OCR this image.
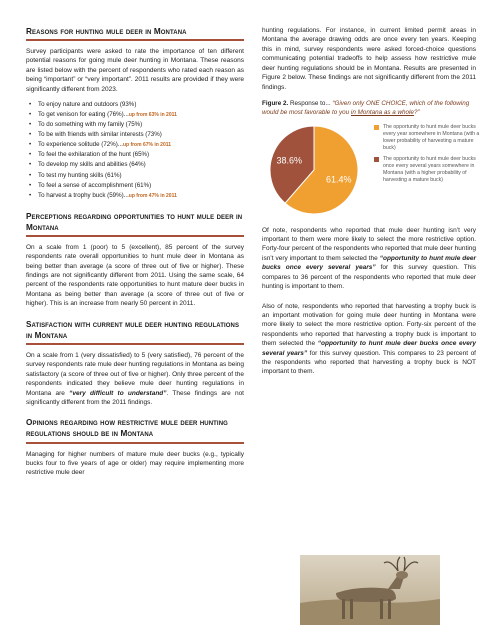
Reasons for hunting mule deer in Montana

Survey participants were asked to rate the importance of ten different potential reasons for going mule deer hunting in Montana. These reasons are listed below with the percent of respondents who rated each reason as being “important” or “very important”. 2011 results are provided if they were significantly different from 2023.

• To enjoy nature and outdoors (93%)
• To get venison for eating (76%)...up from 63% in 2011
• To do something with my family (75%)
• To be with friends with similar interests (73%)
• To experience solitude (72%)...up from 67% in 2011
• To feel the exhilaration of the hunt (65%)
• To develop my skills and abilities (64%)
• To test my hunting skills (61%)
• To feel a sense of accomplishment (61%)
• To harvest a trophy buck (59%)...up from 47% in 2011
Perceptions regarding opportunities to hunt mule deer in Montana

On a scale from 1 (poor) to 5 (excellent), 85 percent of the survey respondents rate overall opportunities to hunt mule deer in Montana as being better than average (a score of three out of five or higher). These findings are not significantly different from 2011. Using the same scale, 64 percent of the respondents rate opportunities to hunt mature deer bucks in Montana as being better than average (a score of three out of five or higher). This is an increase from nearly 50 percent in 2011.

Satisfaction with current mule deer hunting regulations in Montana

On a scale from 1 (very dissatisfied) to 5 (very satisfied), 76 percent of the survey respondents rate mule deer hunting regulations in Montana as being satisfactory (a score of three out of five or higher). Only three percent of the respondents indicated they believe mule deer hunting regulations in Montana are “very difficult to understand”. These findings are not significantly different from the 2011 findings.

Opinions regarding how restrictive mule deer hunting regulations should be in Montana

Managing for higher numbers of mature mule deer bucks (e.g., typically bucks four to five years of age or older) may require implementing more restrictive mule deer

hunting regulations. For instance, in current limited permit areas in Montana the average drawing odds are once every ten years. Keeping this in mind, survey respondents were asked forced-choice questions communicating potential tradeoffs to help assess how restrictive mule deer hunting regulations should be in Montana. Results are presented in Figure 2 below. These findings are not significantly different from the 2011 findings.

Figure 2. Response to... “Given only ONE CHOICE, which of the following would be most favorable to you in Montana as a whole?”
38.6%
61.4%
The opportunity to hunt mule deer bucks every year somewhere in Montana (with a lower probability of harvesting a mature buck)
The opportunity to hunt mule deer bucks once every several years somewhere in Montana (with a higher probability of harvesting a mature buck)

Of note, respondents who reported that mule deer hunting isn’t very important to them were more likely to select the more restrictive option. Forty-four percent of the respondents who reported that mule deer hunting isn’t very important to them selected the “opportunity to hunt mule deer bucks once every several years” for this survey question. This compares to 36 percent of the respondents who reported that mule deer hunting is important to them.

Also of note, respondents who reported that harvesting a trophy buck is an important motivation for going mule deer hunting in Montana were more likely to select the more restrictive option. Forty-six percent of the respondents who reported that harvesting a trophy buck is important to them selected the “opportunity to hunt mule deer bucks once every several years” for this survey question. This compares to 23 percent of the respondents who reported that harvesting a trophy buck is NOT important to them.
